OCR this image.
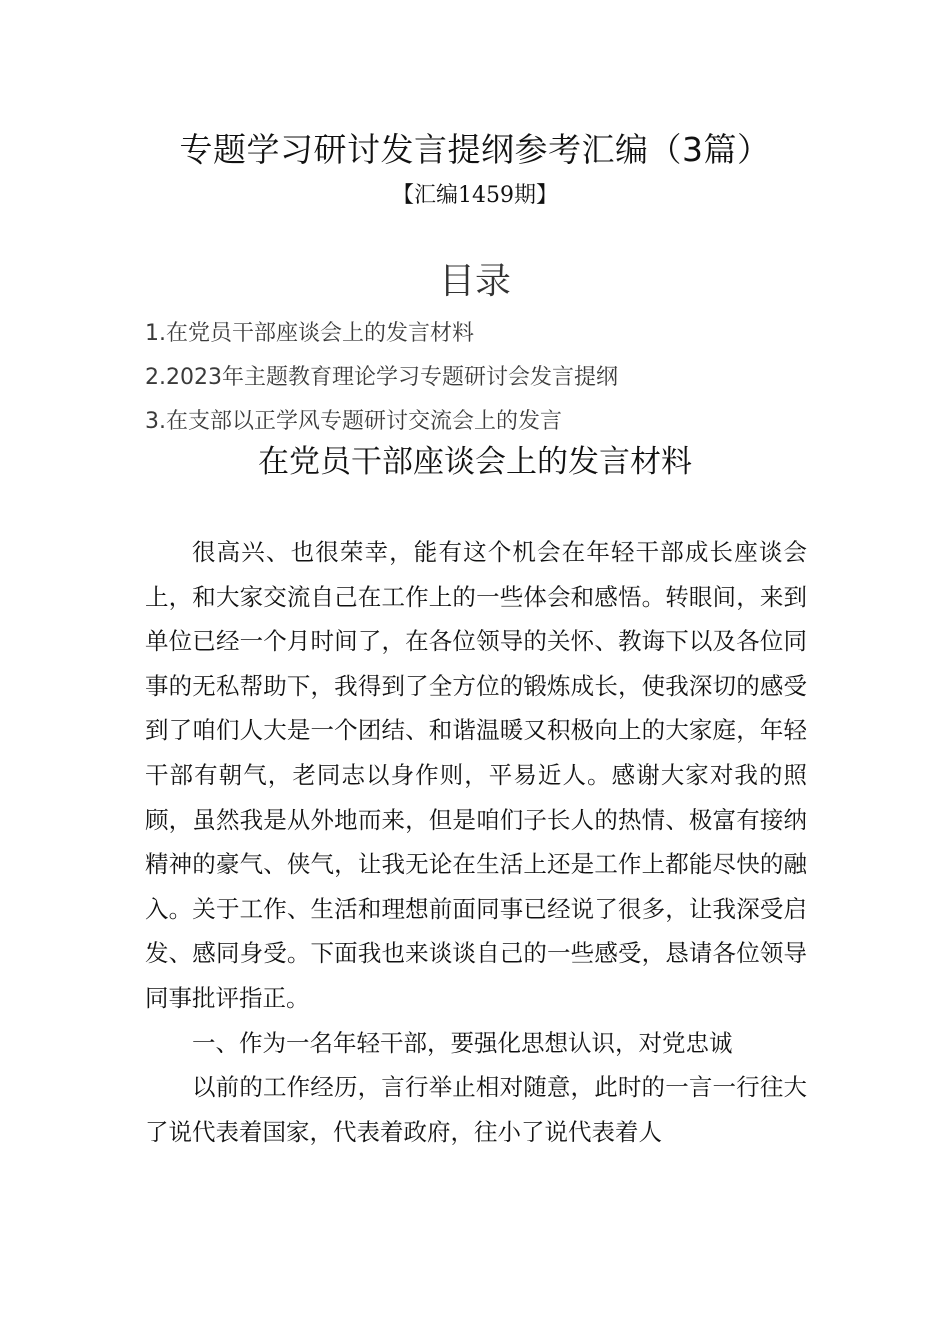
专题学习研讨发言提纲参考汇编（3篇）
【汇编1459期】
目录
1.在党员干部座谈会上的发言材料
2.2023年主题教育理论学习专题研讨会发言提纲
3.在支部以正学风专题研讨交流会上的发言
在党员干部座谈会上的发言材料

很高兴、也很荣幸，能有这个机会在年轻干部成长座谈会上，和大家交流自己在工作上的一些体会和感悟。转眼间，来到单位已经一个月时间了，在各位领导的关怀、教诲下以及各位同事的无私帮助下，我得到了全方位的锻炼成长，使我深切的感受到了咱们人大是一个团结、和谐温暖又积极向上的大家庭，年轻干部有朝气，老同志以身作则，平易近人。感谢大家对我的照顾，虽然我是从外地而来，但是咱们子长人的热情、极富有接纳精神的豪气、侠气，让我无论在生活上还是工作上都能尽快的融入。关于工作、生活和理想前面同事已经说了很多，让我深受启发、感同身受。下面我也来谈谈自己的一些感受，恳请各位领导同事批评指正。

一、作为一名年轻干部，要强化思想认识，对党忠诚

以前的工作经历，言行举止相对随意，此时的一言一行往大了说代表着国家，代表着政府，往小了说代表着人
